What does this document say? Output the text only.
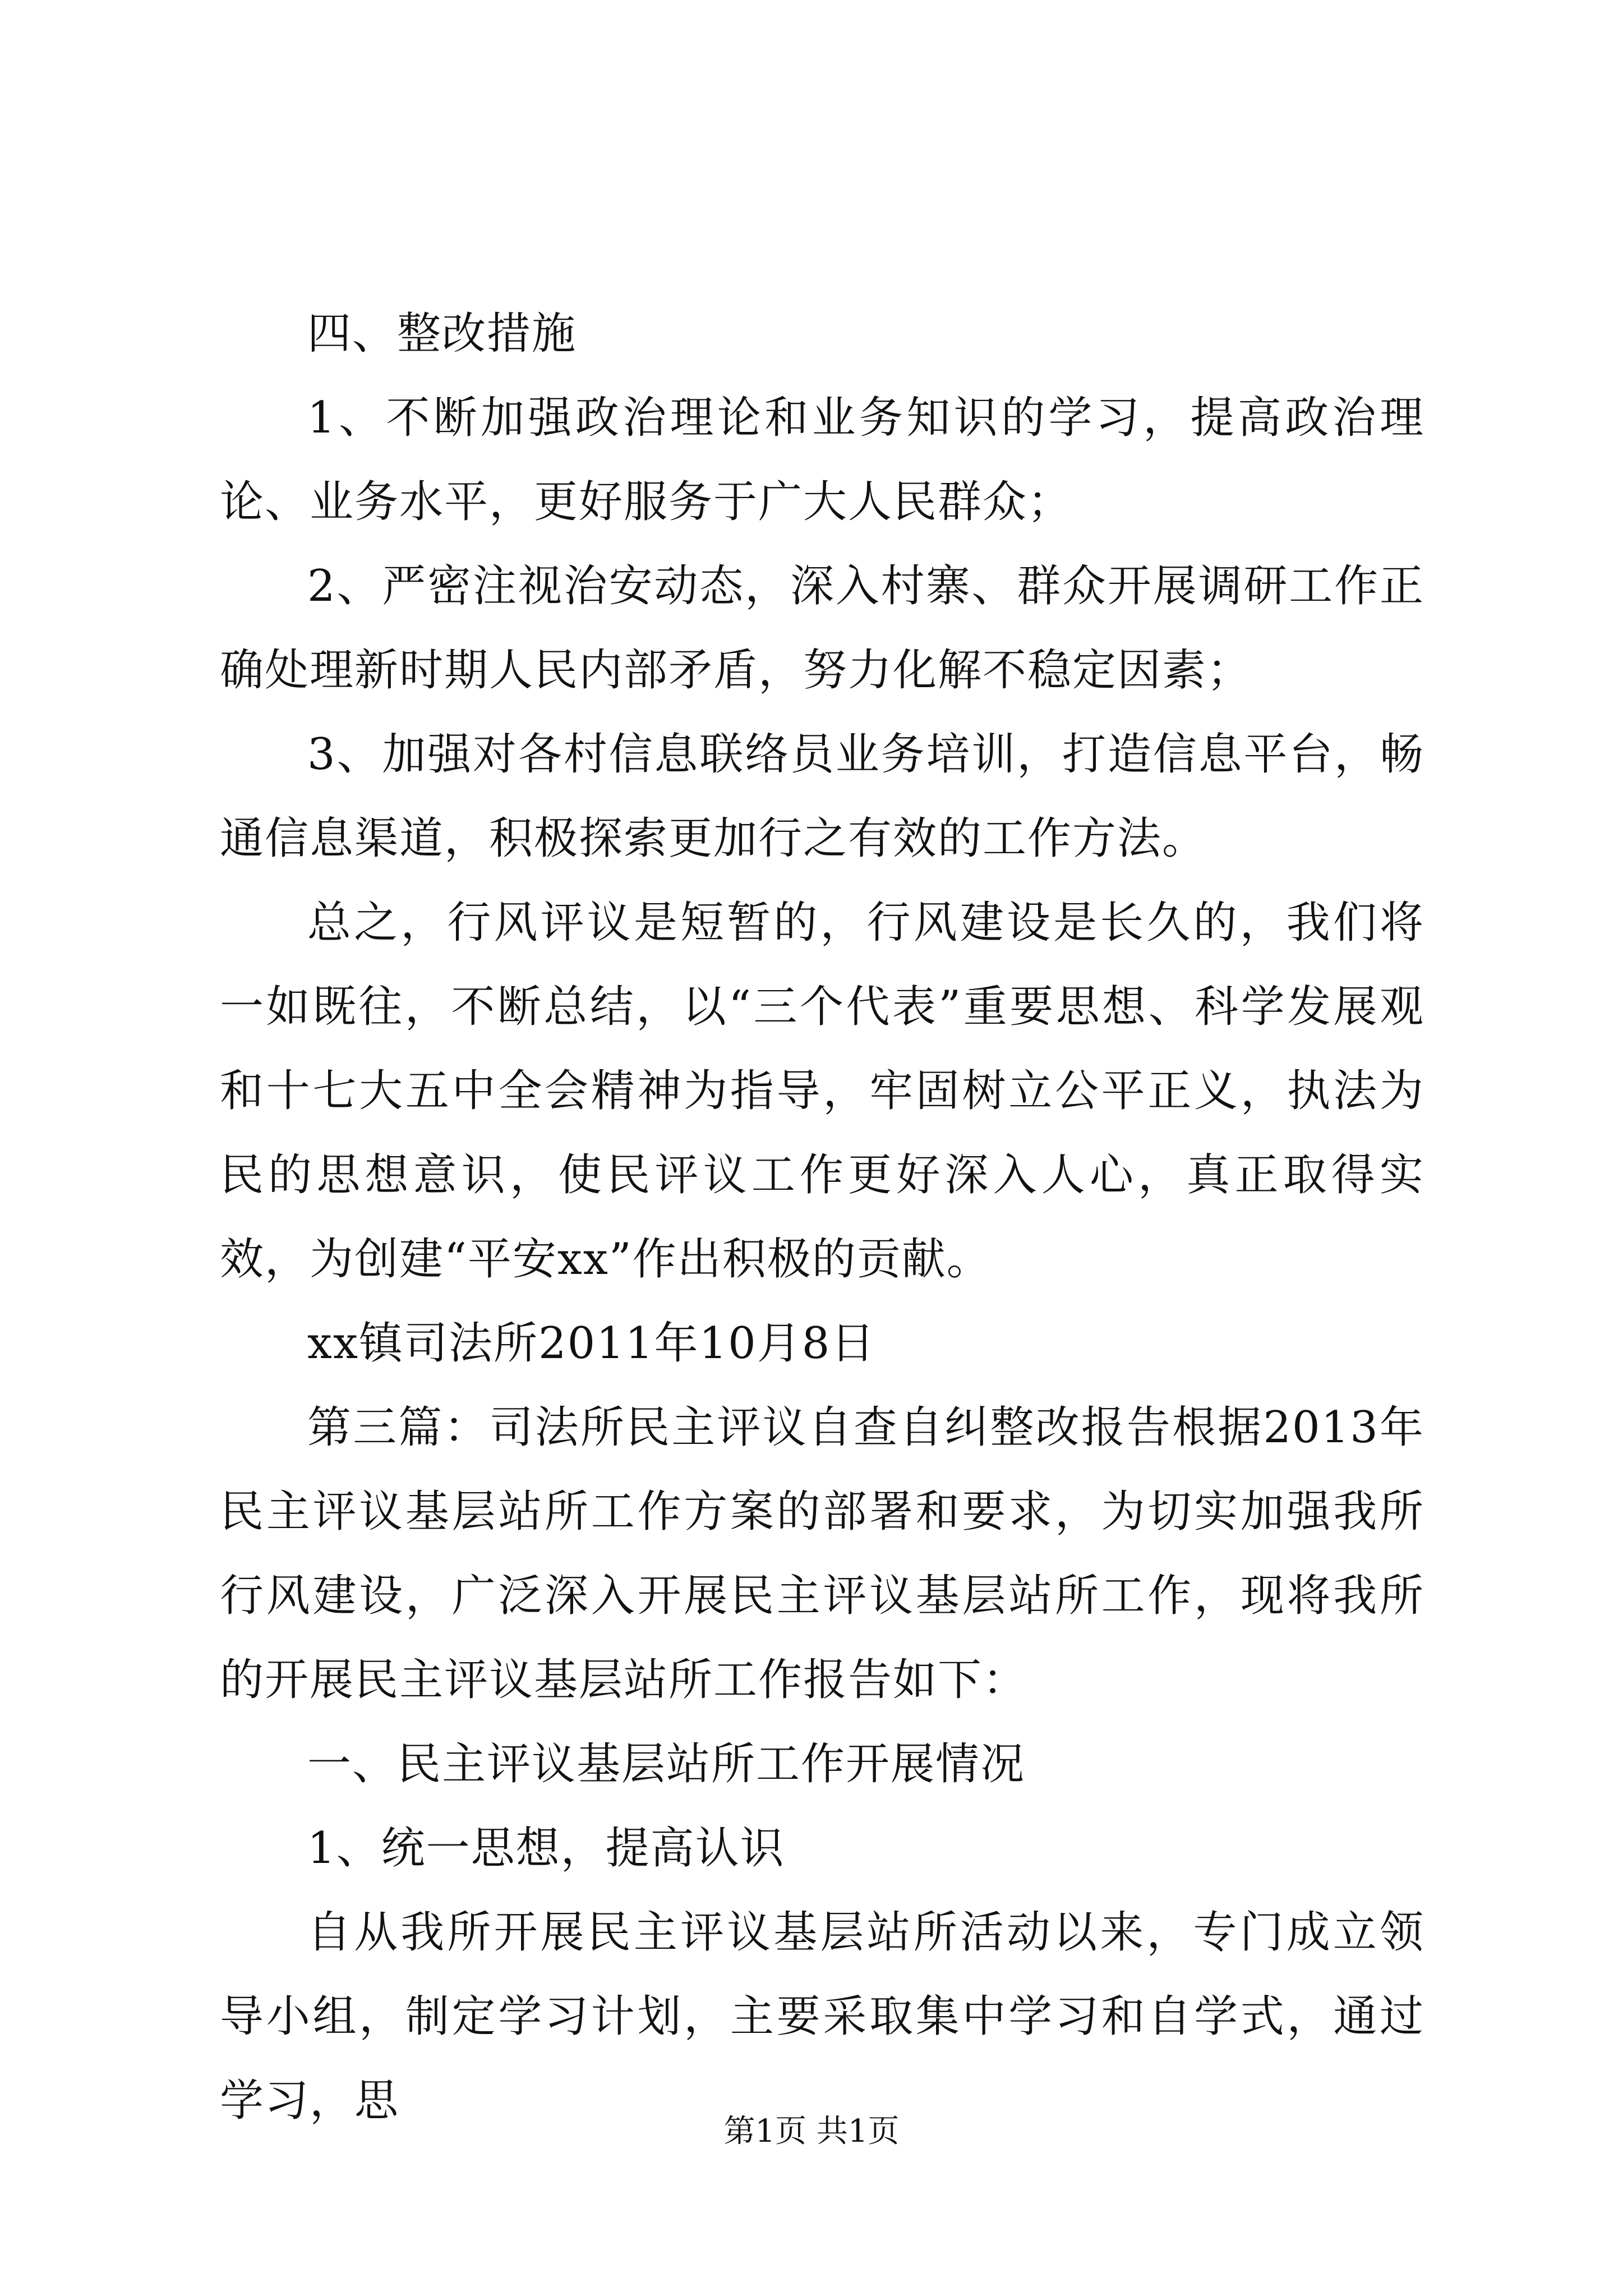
四、整改措施

1、不断加强政治理论和业务知识的学习，提高政治理论、业务水平，更好服务于广大人民群众；

2、严密注视治安动态，深入村寨、群众开展调研工作正确处理新时期人民内部矛盾，努力化解不稳定因素；

3、加强对各村信息联络员业务培训，打造信息平台，畅通信息渠道，积极探索更加行之有效的工作方法。

总之，行风评议是短暂的，行风建设是长久的，我们将一如既往，不断总结，以“三个代表”重要思想、科学发展观和十七大五中全会精神为指导，牢固树立公平正义，执法为民的思想意识，使民评议工作更好深入人心，真正取得实效，为创建“平安xx”作出积极的贡献。

xx镇司法所2011年10月8日

第三篇：司法所民主评议自查自纠整改报告根据2013年民主评议基层站所工作方案的部署和要求，为切实加强我所行风建设，广泛深入开展民主评议基层站所工作，现将我所的开展民主评议基层站所工作报告如下：

一、民主评议基层站所工作开展情况

1、统一思想，提高认识

自从我所开展民主评议基层站所活动以来，专门成立领导小组，制定学习计划，主要采取集中学习和自学式，通过学习，思

第1页 共1页
